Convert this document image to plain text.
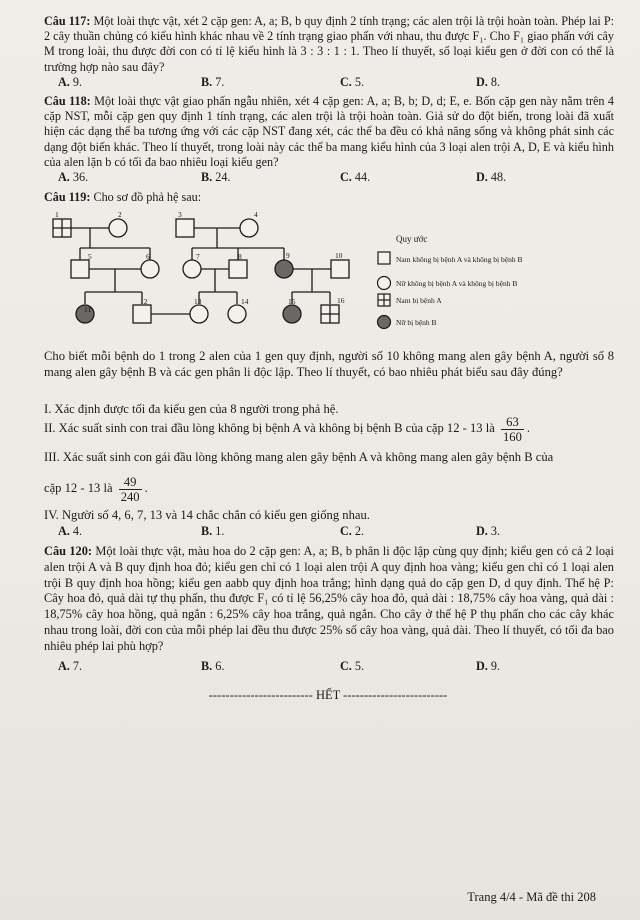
Câu 117: Một loài thực vật, xét 2 cặp gen: A, a; B, b quy định 2 tính trạng; các alen trội là trội hoàn toàn. Phép lai P: 2 cây thuần chủng có kiểu hình khác nhau về 2 tính trạng giao phấn với nhau, thu được F₁. Cho F₁ giao phấn với cây M trong loài, thu được đời con có tỉ lệ kiểu hình là 3 : 3 : 1 : 1. Theo lí thuyết, số loại kiểu gen ở đời con có thể là trường hợp nào sau đây?
A. 9.	B. 7.	C. 5.	D. 8.
Câu 118: Một loài thực vật giao phấn ngẫu nhiên, xét 4 cặp gen: A, a; B, b; D, d; E, e. Bốn cặp gen này nằm trên 4 cặp NST, mỗi cặp gen quy định 1 tính trạng, các alen trội là trội hoàn toàn. Giả sử do đột biến, trong loài đã xuất hiện các dạng thể ba tương ứng với các cặp NST đang xét, các thể ba đều có khả năng sống và không phát sinh các dạng đột biến khác. Theo lí thuyết, trong loài này các thể ba mang kiểu hình của 3 loại alen trội A, D, E và kiểu hình của alen lặn b có tối đa bao nhiêu loại kiểu gen?
A. 36.	B. 24.	C. 44.	D. 48.
Câu 119: Cho sơ đồ phả hệ sau:
1	2	3	4
5	6	7	8	9	10
11
12	13	14	15	16
Quy ước
Nam không bị bệnh A và không bị bệnh B
Nữ không bị bệnh A và không bị bệnh B
Nam bị bệnh A
Nữ bị bệnh B
Cho biết mỗi bệnh do 1 trong 2 alen của 1 gen quy định, người số 10 không mang alen gây bệnh A, người số 8 mang alen gây bệnh B và các gen phân li độc lập. Theo lí thuyết, có bao nhiêu phát biểu sau đây đúng?
I. Xác định được tối đa kiểu gen của 8 người trong phả hệ.
II. Xác suất sinh con trai đầu lòng không bị bệnh A và không bị bệnh B của cặp 12 - 13 là $\frac{63}{160}$ .
III. Xác suất sinh con gái đầu lòng không mang alen gây bệnh A và không mang alen gây bệnh B của
cặp 12 - 13 là $\frac{49}{240}$ .
IV. Người số 4, 6, 7, 13 và 14 chắc chắn có kiểu gen giống nhau.
A. 4.	B. 1.	C. 2.	D. 3.
Câu 120: Một loài thực vật, màu hoa do 2 cặp gen: A, a; B, b phân li độc lập cùng quy định; kiểu gen có cả 2 loại alen trội A và B quy định hoa đỏ; kiểu gen chỉ có 1 loại alen trội A quy định hoa vàng; kiểu gen chỉ có 1 loại alen trội B quy định hoa hồng; kiểu gen aabb quy định hoa trắng; hình dạng quả do cặp gen D, d quy định. Thế hệ P: Cây hoa đỏ, quả dài tự thụ phấn, thu được F₁ có tỉ lệ 56,25% cây hoa đỏ, quả dài : 18,75% cây hoa vàng, quả dài : 18,75% cây hoa hồng, quả ngắn : 6,25% cây hoa trắng, quả ngắn. Cho cây ở thế hệ P thụ phấn cho các cây khác nhau trong loài, đời con của mỗi phép lai đều thu được 25% số cây hoa vàng, quả dài. Theo lí thuyết, có tối đa bao nhiêu phép lai phù hợp?
A. 7.	B. 6.	C. 5.	D. 9.
------------------------- HẾT -------------------------
Trang 4/4 - Mã đề thi 208
